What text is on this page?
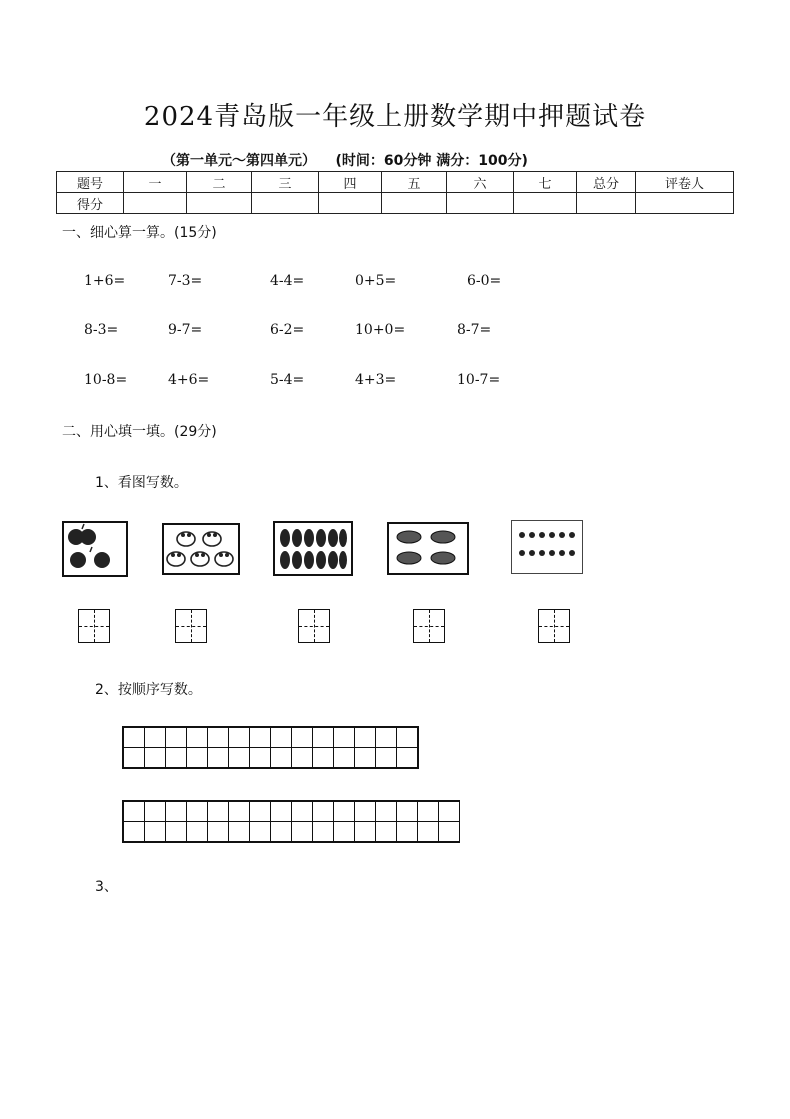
2024青岛版一年级上册数学期中押题试卷
（第一单元～第四单元）    (时间：60分钟 满分：100分)
题号	一	二	三	四	五	六	七	总分	评卷人
得分									
一、细心算一算。(15分)
1+6=	7-3=	4-4=	0+5=	6-0=
8-3=	9-7=	6-2=	10+0=	8-7=
10-8=	4+6=	5-4=	4+3=	10-7=
二、用心填一填。(29分)
1、看图写数。
2、按顺序写数。

3、
